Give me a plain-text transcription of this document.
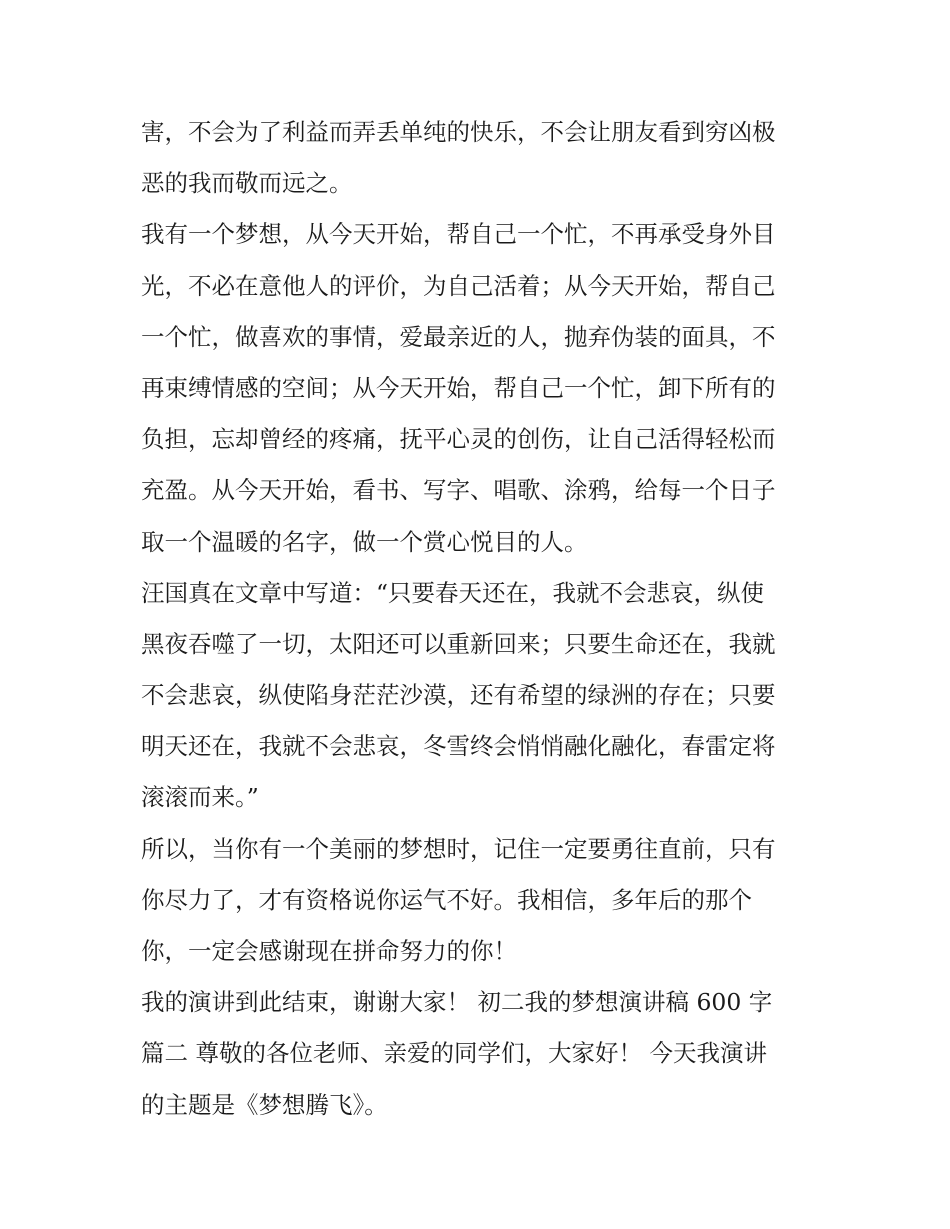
害，不会为了利益而弄丢单纯的快乐，不会让朋友看到穷凶极
恶的我而敬而远之。
我有一个梦想，从今天开始，帮自己一个忙，不再承受身外目
光，不必在意他人的评价，为自己活着；从今天开始，帮自己
一个忙，做喜欢的事情，爱最亲近的人，抛弃伪装的面具，不
再束缚情感的空间；从今天开始，帮自己一个忙，卸下所有的
负担，忘却曾经的疼痛，抚平心灵的创伤，让自己活得轻松而
充盈。从今天开始，看书、写字、唱歌、涂鸦，给每一个日子
取一个温暖的名字，做一个赏心悦目的人。
汪国真在文章中写道：“只要春天还在，我就不会悲哀，纵使
黑夜吞噬了一切，太阳还可以重新回来；只要生命还在，我就
不会悲哀，纵使陷身茫茫沙漠，还有希望的绿洲的存在；只要
明天还在，我就不会悲哀，冬雪终会悄悄融化融化，春雷定将
滚滚而来。”
所以，当你有一个美丽的梦想时，记住一定要勇往直前，只有
你尽力了，才有资格说你运气不好。我相信，多年后的那个
你，一定会感谢现在拼命努力的你！
我的演讲到此结束，谢谢大家！ 初二我的梦想演讲稿 600 字
篇二 尊敬的各位老师、亲爱的同学们，大家好！ 今天我演讲
的主题是《梦想腾飞》。
